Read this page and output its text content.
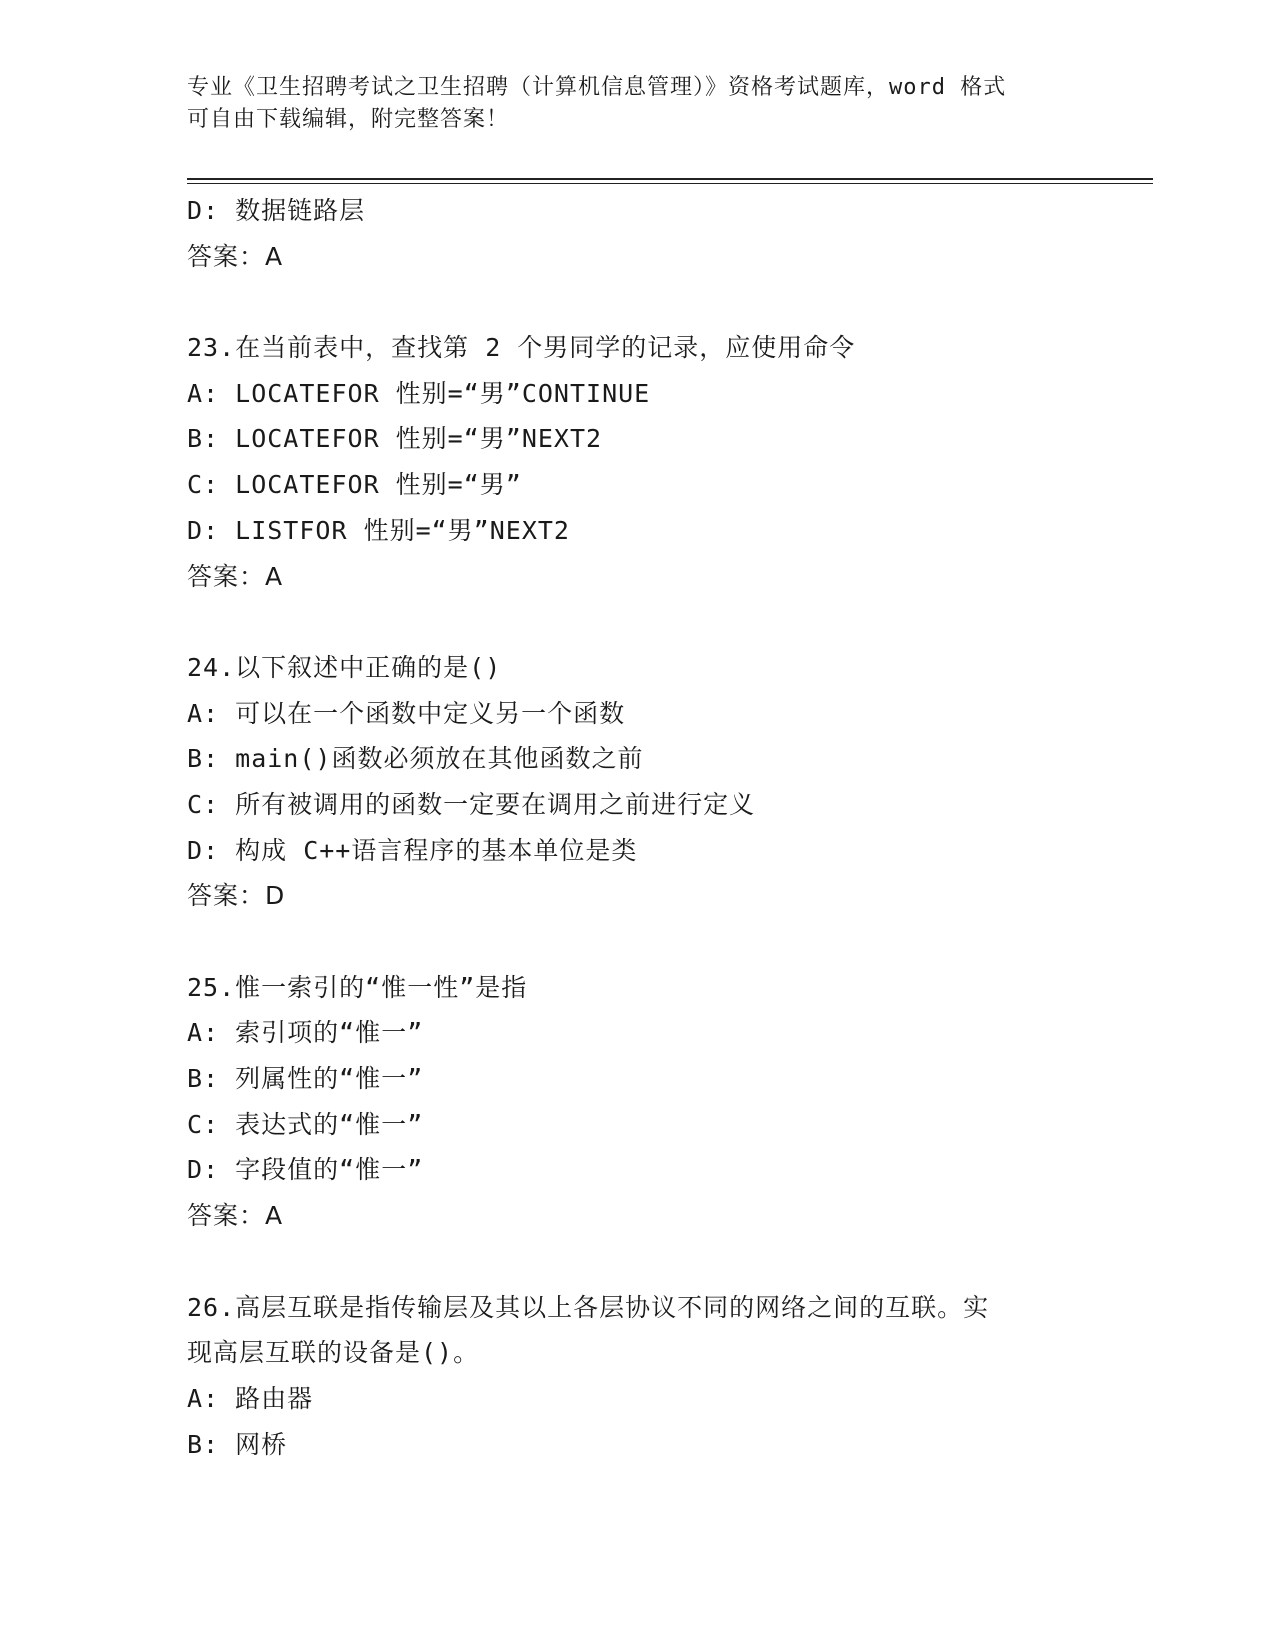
专业《卫生招聘考试之卫生招聘（计算机信息管理）》资格考试题库，word 格式
可自由下载编辑，附完整答案！
D: 数据链路层
答案：A
23.在当前表中，查找第 2 个男同学的记录，应使用命令
A: LOCATEFOR 性别=“男”CONTINUE
B: LOCATEFOR 性别=“男”NEXT2
C: LOCATEFOR 性别=“男”
D: LISTFOR 性别=“男”NEXT2
答案：A
24.以下叙述中正确的是()
A: 可以在一个函数中定义另一个函数
B: main()函数必须放在其他函数之前
C: 所有被调用的函数一定要在调用之前进行定义
D: 构成 C++语言程序的基本单位是类
答案：D
25.惟一索引的“惟一性”是指
A: 索引项的“惟一”
B: 列属性的“惟一”
C: 表达式的“惟一”
D: 字段值的“惟一”
答案：A
26.高层互联是指传输层及其以上各层协议不同的网络之间的互联。实
现高层互联的设备是()。
A: 路由器
B: 网桥
